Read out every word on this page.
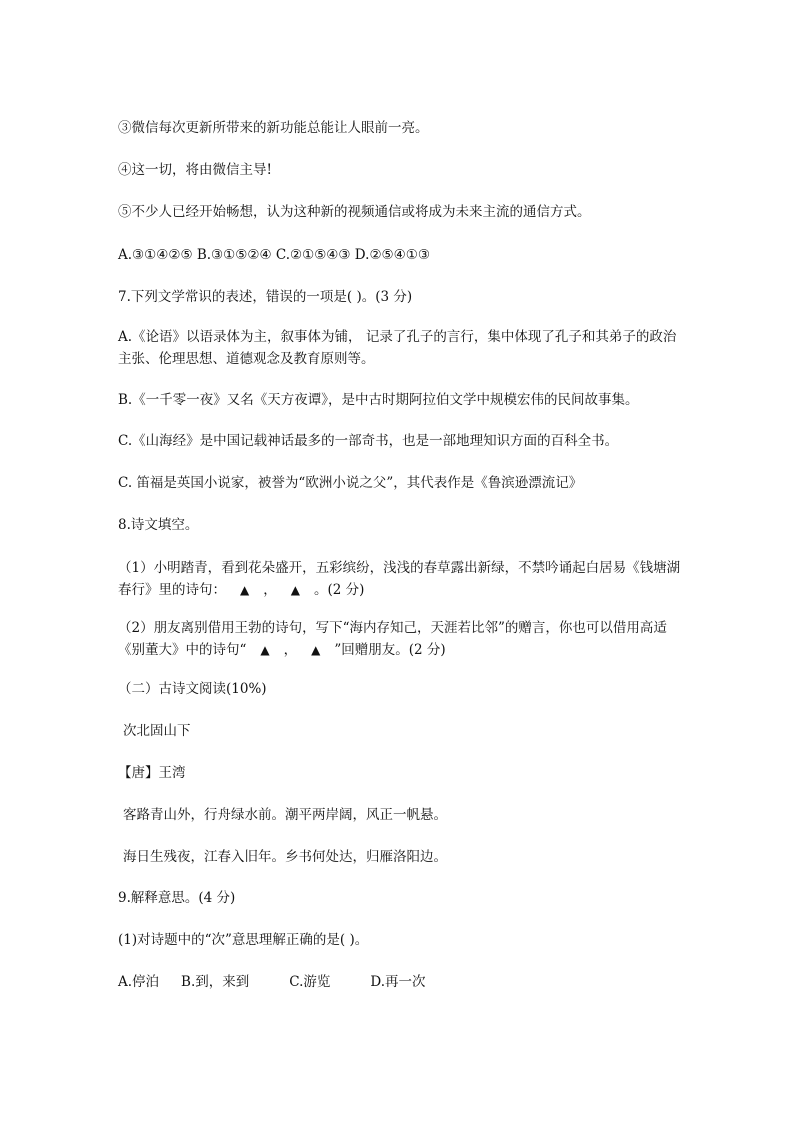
③微信每次更新所带来的新功能总能让人眼前一亮。
④这一切，将由微信主导!
⑤不少人已经开始畅想，认为这种新的视频通信或将成为未来主流的通信方式。
A.③①④②⑤ B.③①⑤②④ C.②①⑤④③ D.②⑤④①③
7.下列文学常识的表述，错误的一项是( )。(3 分)
A.《论语》以语录体为主，叙事体为铺， 记录了孔子的言行，集中体现了孔子和其弟子的政治主张、伦理思想、道德观念及教育原则等。
B.《一千零一夜》又名《天方夜谭》，是中古时期阿拉伯文学中规模宏伟的民间故事集。
C.《山海经》是中国记载神话最多的一部奇书，也是一部地理知识方面的百科全书。
C. 笛福是英国小说家，被誉为“欧洲小说之父”，其代表作是《鲁滨逊漂流记》
8.诗文填空。
（1）小明踏青，看到花朵盛开，五彩缤纷，浅浅的春草露出新绿，不禁吟诵起白居易《钱塘湖春行》里的诗句： ▲ ， ▲ 。(2 分)
（2）朋友离别借用王勃的诗句，写下“海内存知己，天涯若比邻”的赠言，你也可以借用高适《别董大》中的诗句“ ▲ ， ▲ ”回赠朋友。(2 分)
（二）古诗文阅读(10%)
次北固山下
【唐】王湾
客路青山外，行舟绿水前。潮平两岸阔，风正一帆悬。
海日生残夜，江春入旧年。乡书何处达，归雁洛阳边。
9.解释意思。(4 分)
(1)对诗题中的“次”意思理解正确的是( )。
A.停泊 B.到，来到	C.游览	D.再一次
